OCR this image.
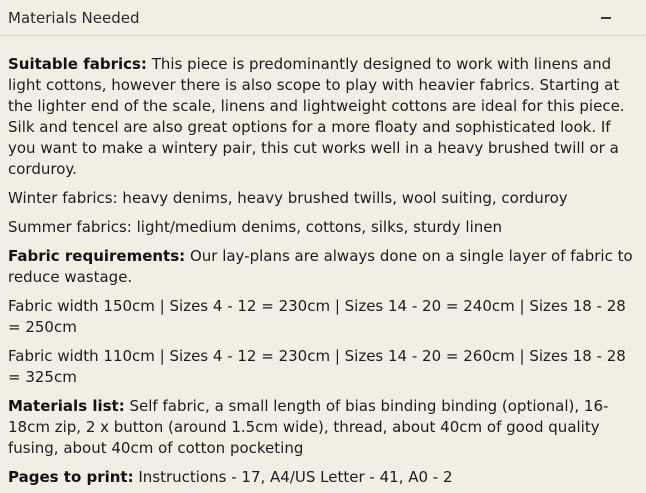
Materials Needed

Suitable fabrics: This piece is predominantly designed to work with linens and light cottons, however there is also scope to play with heavier fabrics. Starting at the lighter end of the scale, linens and lightweight cottons are ideal for this piece. Silk and tencel are also great options for a more floaty and sophisticated look. If you want to make a wintery pair, this cut works well in a heavy brushed twill or a corduroy.

Winter fabrics: heavy denims, heavy brushed twills, wool suiting, corduroy

Summer fabrics: light/medium denims, cottons, silks, sturdy linen

Fabric requirements: Our lay-plans are always done on a single layer of fabric to reduce wastage.

Fabric width 150cm | Sizes 4 - 12 = 230cm | Sizes 14 - 20 = 240cm | Sizes 18 - 28 = 250cm

Fabric width 110cm | Sizes 4 - 12 = 230cm | Sizes 14 - 20 = 260cm | Sizes 18 - 28 = 325cm

Materials list: Self fabric, a small length of bias binding binding (optional), 16-18cm zip, 2 x button (around 1.5cm wide), thread, about 40cm of good quality fusing, about 40cm of cotton pocketing

Pages to print: Instructions - 17, A4/US Letter - 41, A0 - 2
